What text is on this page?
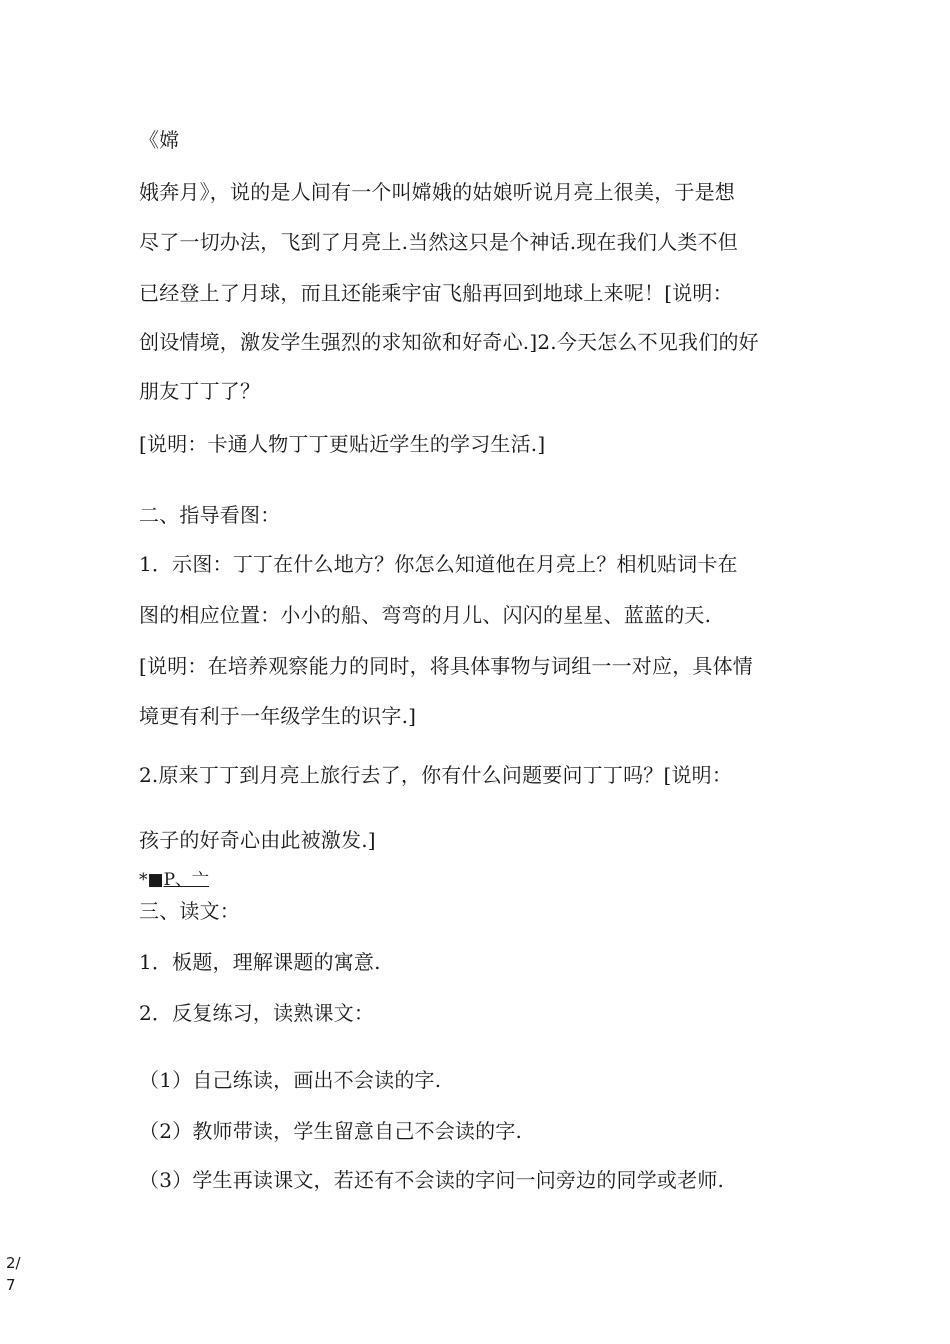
《嫦
娥奔月》，说的是人间有一个叫嫦娥的姑娘听说月亮上很美，于是想
尽了一切办法，飞到了月亮上.当然这只是个神话.现在我们人类不但
已经登上了月球，而且还能乘宇宙飞船再回到地球上来呢！[说明：
创设情境，激发学生强烈的求知欲和好奇心.]2.今天怎么不见我们的好
朋友丁丁了？
[说明：卡通人物丁丁更贴近学生的学习生活.]
二、指导看图：
1．示图：丁丁在什么地方？你怎么知道他在月亮上？相机贴词卡在
图的相应位置：小小的船、弯弯的月儿、闪闪的星星、蓝蓝的天.
[说明：在培养观察能力的同时，将具体事物与词组一一对应，具体情
境更有利于一年级学生的识字.]
2.原来丁丁到月亮上旅行去了，你有什么问题要问丁丁吗？[说明：
孩子的好奇心由此被激发.]
*■P、亠
三、读文：
1．板题，理解课题的寓意.
2．反复练习，读熟课文：
（1）自己练读，画出不会读的字.
（2）教师带读，学生留意自己不会读的字.
（3）学生再读课文，若还有不会读的字问一问旁边的同学或老师.
2/
7
